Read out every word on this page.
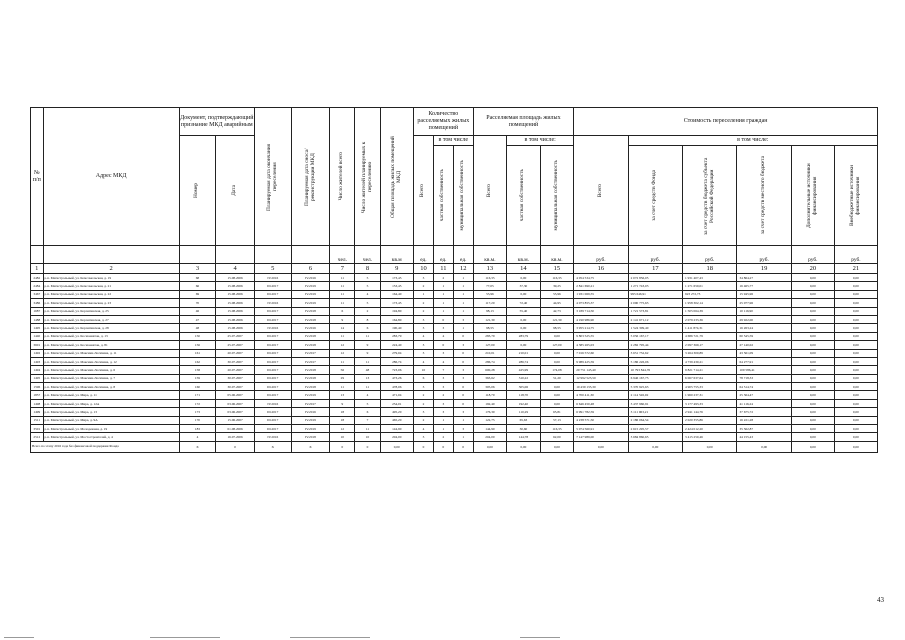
№ п/п	Адрес МКД	Документ, подтверждающий признание МКД аварийным		Планируемая дата окончания переселения	Планируемая дата сноса/реконструкции МКД	Число жителей всего	Число жителей планируемых к переселению	Общая площадь жилых помещений МКД	Количество расселяемых жилых помещений			Расселяемая площадь жилых помещений			Стоимость переселения граждан					

		Номер	Дата						Всего	в том числе		Всего	в том числе:		Всего	в том числе:				

										частная собственность	муниципальная собственность		частная собственность	муниципальная собственность		за счет средств Фонда	за счет средств бюджета субъекта Российской Федерации	за счет средств местного бюджета	Дополнительные источники финансирования	Внебюджетные источники финансирования

						чел.	чел.	кв.м	ед.	ед.	ед.	кв.м.	кв.м.	кв.м.	руб.	руб.	руб.	руб.	руб.	руб.
1	2	3	4	5	6	7	8	9	10	11	12	13	14	15	16	17	18	19	20	21
2482	р.п. Магистральный, ул. Комсомольская, д. 19	68	15.08.2006	IV.2016	IV.2016	11	5	173,45	3	2	1	116,35	0,00	116,35	4 054 534,75	2 072 856,05	1 931 407,43	34 864,27	0,00	0,00
2484	р.п. Магистральный, ул. Комсомольская, д. 21	66	15.08.2006	III.2017	IV.2019	11	5	153,45	2	1	1	77,05	37,30	39,25	2 841 690,21	1 271 743,03	1 271 659,01	16 465,77	0,00	0,00
3467	р.п. Магистральный, ул. Комсомольская, д. 22	69	15.08.2006	III.2017	IV.2019	11	4	164,40	1	1	1	53,96	0,00	53,96	1 931 069,55	995 646,91	923 272,73	15 945,96	0,00	0,00
3486	р.п. Магистральный, ул. Комсомольская, д. 23	70	15.08.2006	IV.2016	IV.2019	11	5	173,45	2	1	1	117,20	72,40	44,95	4 073 855,37	2 090 775,63	1 958 302,14	25 077,96	0,00	0,00
1687	р.п. Магистральный, ул. Корчагинская, д. 25	46	15.08.2006	III.2017	IV.2018	6	2	194,80	2	1	1	98,13	55,40	42,73	3 189 714,50	1 721 573,81	1 505 064,39	10 116,90	0,00	0,00
1488	р.п. Магистральный, ул. Корчагинская, д. 27	47	15.08.2006	III.2017	IV.2018	9	8	164,80	3	0	3	121,30	0,00	121,30	4 190 986,90	2 141 671,12	2 079 233,36	29 922,00	0,00	0,00
1495	р.п. Магистральный, ул. Корчагинская, д. 28	48	15.08.2006	IV.2016	IV.2016	14	6	190,40	3	3	1	98,55	0,00	98,55	3 955 214,75	1 524 309,40	1 411 874,31	16 263,24	0,00	0,00
1440	р.п. Магистральный, ул. Космонавтов, д. 13	150	25.07.2007	III.2017	IV.2018	11	11	283,79	4	4	0	283,79	283,79	0,00	9 803 525,55	5 056 167,17	4 686 721,79	60 545,59	0,00	0,00
3601	р.п. Магистральный, ул. Космонавтов, д. 81	156	25.07.2007	III.2017	IV.2018	12	9	224,40	3	0	3	127,00	0,00	127,00	4 385 265,03	2 282 795,44	2 097 369,17	27 140,02	0,00	0,00
1492	р.п. Магистральный, ул. Максима Лесихина, д. 11	161	20.07.2007	III.2017	IV.2017	12	9	279,04	3	3	0	210,01	210,01	0,00	7 016 572,60	3 651 732,62	3 264 300,89	43 561,09	0,00	0,00
1493	р.п. Магистральный, ул. Максима Лесихина, д. 12	162	30.07.2007	III.2017	IV.2017	11	11	286,74	4	4	0	286,74	286,74	0,00	9 989 425,59	5 186 226,06	4 739 430,21	64 277,91	0,00	0,00
1494	р.п. Магистральный, ул. Максима Лесихина, д. 6	158	20.07.2007	III.2017	IV.2018	56	48	723,06	10	7	3	600,28	425,99	174,08	20 751 145,40	10 793 844,76	9 821 714,21	109 586,41	0,00	0,00
1495	р.п. Магистральный, ул. Максима Лесихина, д. 7	159	30.07.2007	III.2017	IV.2018	29	13	473,26	6	3	3	363,62	310,22	51,20	12 992 523,50	6 946 167,73	6 067 637,64	78 718,33	0,00	0,00
1596	р.п. Магистральный, ул. Максима Лесихина, д. 8	160	30.07.2007	III.2017	IV.2018	11	11	478,06	3	3	0	305,06	305,06	0,00	10 439 135,30	5 370 925,63	4 905 755,33	64 514,74	0,00	0,00
1857	р.п. Магистральный, ул. Мира, д. 11	171	05.06.2007	III.2017	IV.2019	13	4	471,04	2	2	0	118,70	118,70	0,00	4 700 411,30	2 114 526,02	1 960 237,31	25 364,47	0,00	0,00
1498	р.п. Магистральный, ул. Мира, д. 12А	172	03.06.2007	IV.2016	IV.2017	9	5	254,01	2	3	0	192,40	192,40	0,00	6 646 450,48	3 437 960,91	3 177 493,33	41 116,24	0,00	0,00
1499	р.п. Магистральный, ул. Мира, д. 13	173	03.06.2007	III.2017	IV.2016	18	6	495,20	3	3	3	176,30	110,29	65,81	6 991 782,59	3 111 963,21	2 941 144,76	37 675,72	0,00	0,00
1511	р.п. Магистральный, ул. Мира, д. 9А	170	15.06.2007	III.2017	IV.2019	18	7	465,20	2	1	1	122,75	65,63	57,13	4 238 571,50	2 186 064,54	2 020 355,86	16 221,28	0,00	0,00
3501	р.п. Магистральный, ул. Молодежная, д. 19	183	01.08.2006	III.2017	IV.2019	12	11	144,90	4	1	3	144,90	30,60	116,35	5 074 560,91	2 615 295,57	2 424 012,20	35 562,87	0,00	0,00
2512	р.п. Магистральный, ул. Мостостроителей, д. 4	4	16.07.2006	IV.2016	IV.2018	10	10	204,00	3	2	1	204,00	144,78	62,00	7 147 989,00	3 684 860,65	3 415 250,46	44 155,43	0,00	0,00
Всего по этапу 2016 года без финансовой поддержки Фонда		X	0	X	X	0	0	0,00	0	0	0	0,00	0,00	0,00	0,00	0,00	0,00	0,00	0,00	0,00
43
